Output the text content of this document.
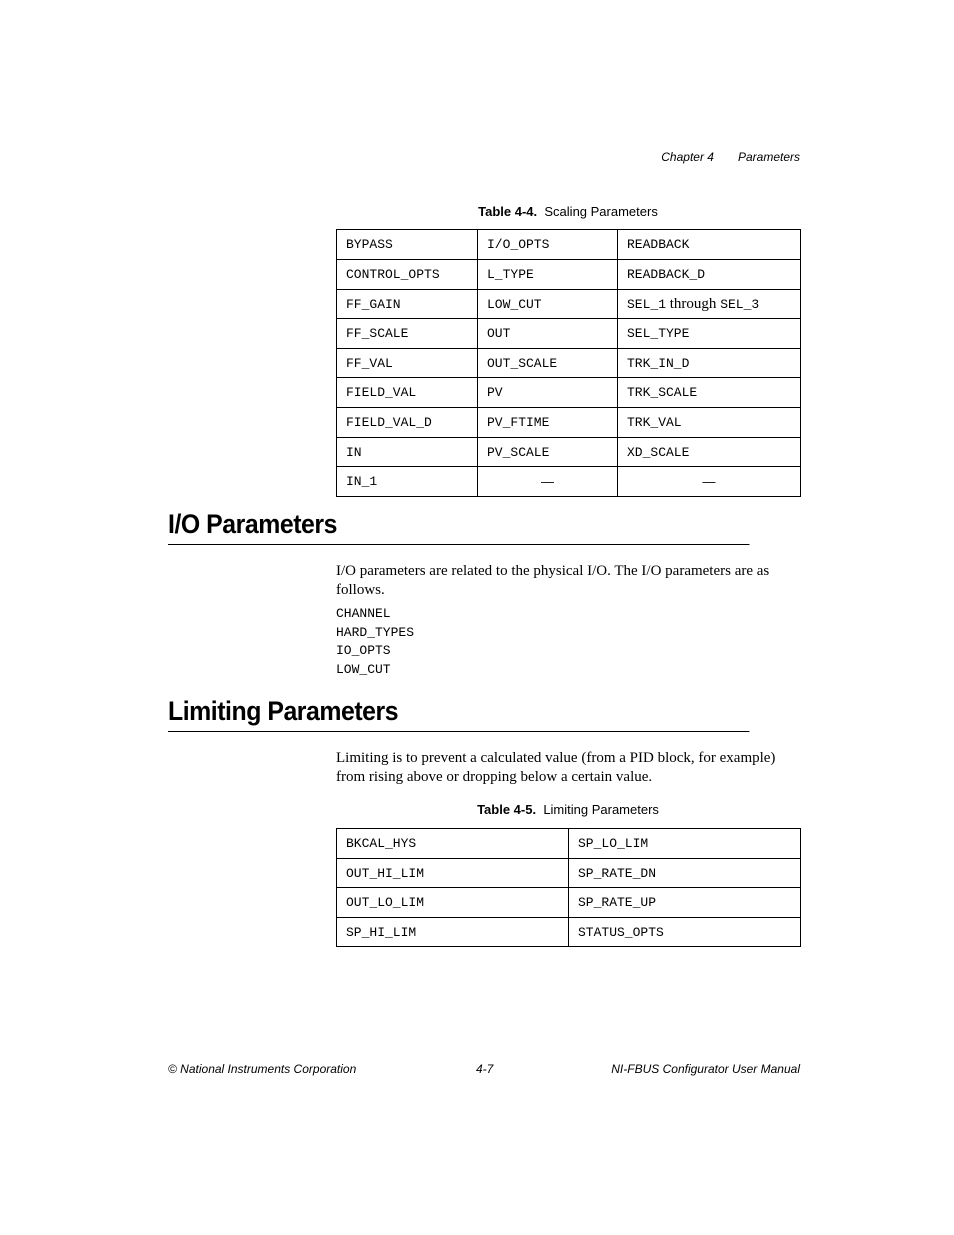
Chapter 4 Parameters
Table 4-4. Scaling Parameters
BYPASS	I/O_OPTS	READBACK
CONTROL_OPTS	L_TYPE	READBACK_D
FF_GAIN	LOW_CUT	SEL_1 through SEL_3
FF_SCALE	OUT	SEL_TYPE
FF_VAL	OUT_SCALE	TRK_IN_D
FIELD_VAL	PV	TRK_SCALE
FIELD_VAL_D	PV_FTIME	TRK_VAL
IN	PV_SCALE	XD_SCALE
IN_1	—	—
I/O Parameters

I/O parameters are related to the physical I/O. The I/O parameters are as follows.

CHANNEL
HARD_TYPES
IO_OPTS
LOW_CUT
Limiting Parameters

Limiting is to prevent a calculated value (from a PID block, for example) from rising above or dropping below a certain value.

Table 4-5. Limiting Parameters
BKCAL_HYS	SP_LO_LIM
OUT_HI_LIM	SP_RATE_DN
OUT_LO_LIM	SP_RATE_UP
SP_HI_LIM	STATUS_OPTS
© National Instruments Corporation	4-7	NI-FBUS Configurator User Manual
